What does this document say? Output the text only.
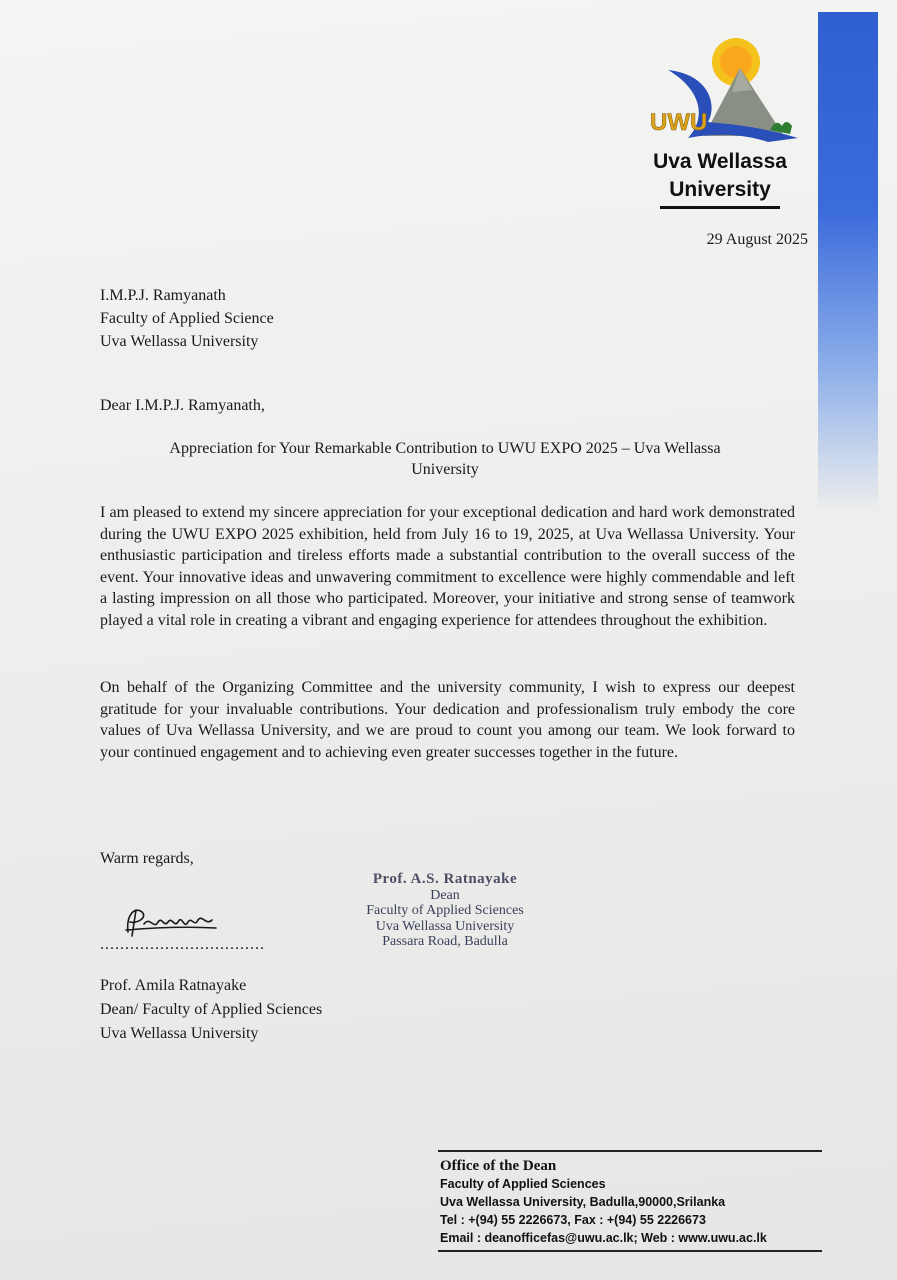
UWU
Uva Wellassa
University
29 August 2025
I.M.P.J. Ramyanath
Faculty of Applied Science
Uva Wellassa University
Dear I.M.P.J. Ramyanath,
Appreciation for Your Remarkable Contribution to UWU EXPO 2025 – Uva Wellassa
University
I am pleased to extend my sincere appreciation for your exceptional dedication and hard work demonstrated during the UWU EXPO 2025 exhibition, held from July 16 to 19, 2025, at Uva Wellassa University. Your enthusiastic participation and tireless efforts made a substantial contribution to the overall success of the event. Your innovative ideas and unwavering commitment to excellence were highly commendable and left a lasting impression on all those who participated. Moreover, your initiative and strong sense of teamwork played a vital role in creating a vibrant and engaging experience for attendees throughout the exhibition.
On behalf of the Organizing Committee and the university community, I wish to express our deepest gratitude for your invaluable contributions. Your dedication and professionalism truly embody the core values of Uva Wellassa University, and we are proud to count you among our team. We look forward to your continued engagement and to achieving even greater successes together in the future.
Warm regards,
.................................
Prof. Amila Ratnayake
Dean/ Faculty of Applied Sciences
Uva Wellassa University
Prof. A.S. Ratnayake
Dean
Faculty of Applied Sciences
Uva Wellassa University
Passara Road, Badulla
Office of the Dean
Faculty of Applied Sciences
Uva Wellassa University, Badulla,90000,Srilanka
Tel : +(94) 55 2226673, Fax : +(94) 55 2226673
Email : deanofficefas@uwu.ac.lk; Web : www.uwu.ac.lk
